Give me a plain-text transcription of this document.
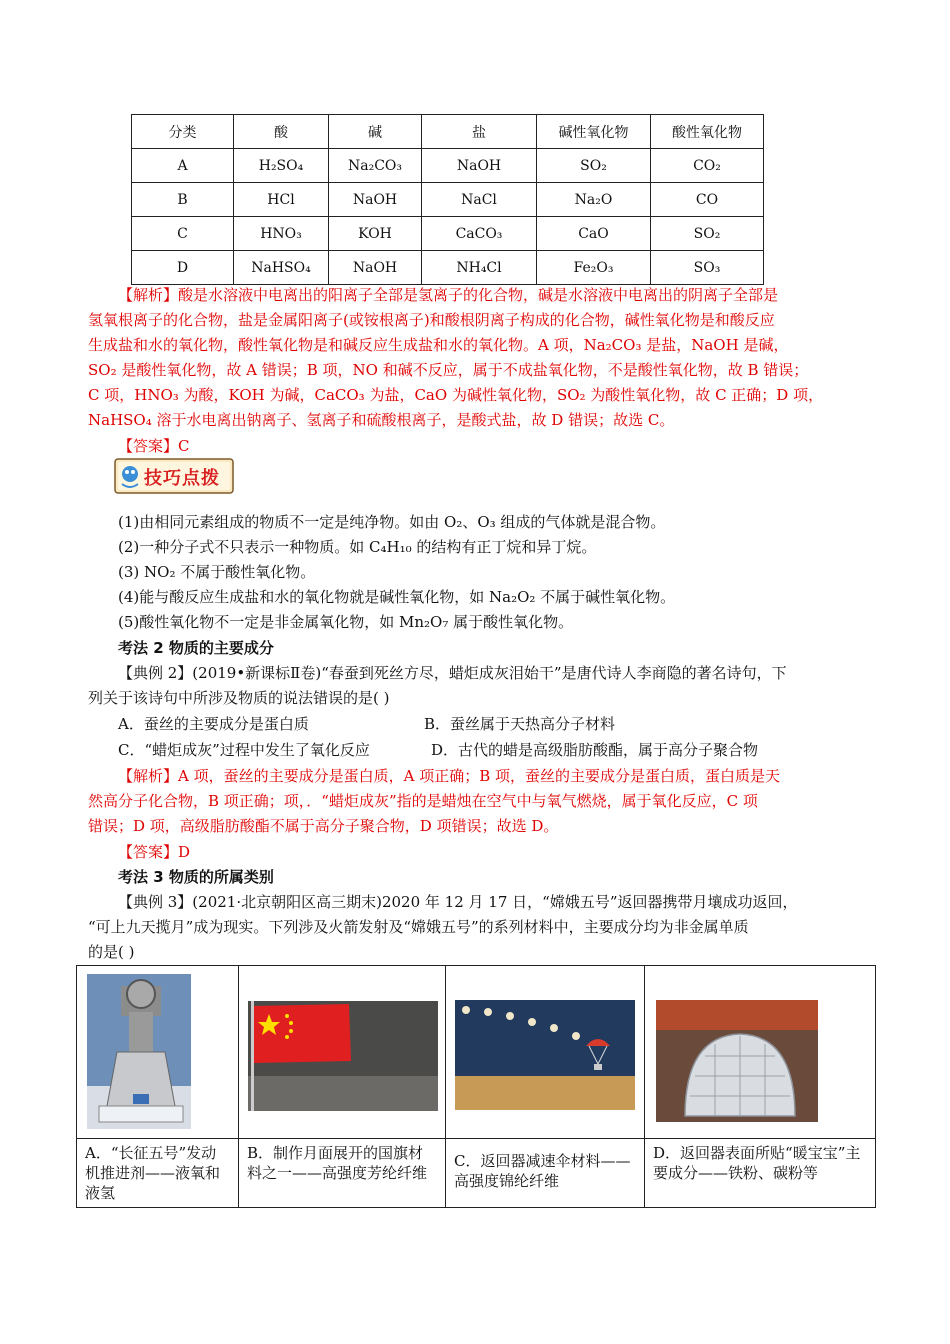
分类	酸	碱	盐	碱性氧化物	酸性氧化物
A	H₂SO₄	Na₂CO₃	NaOH	SO₂	CO₂
B	HCl	NaOH	NaCl	Na₂O	CO
C	HNO₃	KOH	CaCO₃	CaO	SO₂
D	NaHSO₄	NaOH	NH₄Cl	Fe₂O₃	SO₃
【解析】酸是水溶液中电离出的阳离子全部是氢离子的化合物，碱是水溶液中电离出的阴离子全部是
氢氧根离子的化合物，盐是金属阳离子(或铵根离子)和酸根阴离子构成的化合物，碱性氧化物是和酸反应
生成盐和水的氧化物，酸性氧化物是和碱反应生成盐和水的氧化物。A 项，Na₂CO₃ 是盐，NaOH 是碱，
SO₂ 是酸性氧化物，故 A 错误；B 项，NO 和碱不反应，属于不成盐氧化物，不是酸性氧化物，故 B 错误；
C 项，HNO₃ 为酸，KOH 为碱，CaCO₃ 为盐，CaO 为碱性氧化物，SO₂ 为酸性氧化物，故 C 正确；D 项，
NaHSO₄ 溶于水电离出钠离子、氢离子和硫酸根离子，是酸式盐，故 D 错误；故选 C。
【答案】C
技巧点拨
(1)由相同元素组成的物质不一定是纯净物。如由 O₂、O₃ 组成的气体就是混合物。
(2)一种分子式不只表示一种物质。如 C₄H₁₀ 的结构有正丁烷和异丁烷。
(3) NO₂ 不属于酸性氧化物。
(4)能与酸反应生成盐和水的氧化物就是碱性氧化物，如 Na₂O₂ 不属于碱性氧化物。
(5)酸性氧化物不一定是非金属氧化物，如 Mn₂O₇ 属于酸性氧化物。
考法 2 物质的主要成分
【典例 2】(2019•新课标Ⅱ卷)“春蚕到死丝方尽，蜡炬成灰泪始干”是唐代诗人李商隐的著名诗句，下
列关于该诗句中所涉及物质的说法错误的是( )
A．蚕丝的主要成分是蛋白质	B．蚕丝属于天热高分子材料
C．“蜡炬成灰”过程中发生了氧化反应	D．古代的蜡是高级脂肪酸酯，属于高分子聚合物
【解析】A 项，蚕丝的主要成分是蛋白质，A 项正确；B 项，蚕丝的主要成分是蛋白质，蛋白质是天
然高分子化合物，B 项正确；项，．“蜡炬成灰”指的是蜡烛在空气中与氧气燃烧，属于氧化反应，C 项
错误；D 项，高级脂肪酸酯不属于高分子聚合物，D 项错误；故选 D。
【答案】D
考法 3 物质的所属类别
【典例 3】(2021·北京朝阳区高三期末)2020 年 12 月 17 日，“嫦娥五号”返回器携带月壤成功返回，
“可上九天揽月”成为现实。下列涉及火箭发射及“嫦娥五号”的系列材料中，主要成分均为非金属单质
的是( )

A．“长征五号”发动机推进剂——液氧和液氢	B．制作月面展开的国旗材料之一——高强度芳纶纤维	C．返回器减速伞材料——高强度锦纶纤维	D．返回器表面所贴“暖宝宝”主要成分——铁粉、碳粉等
